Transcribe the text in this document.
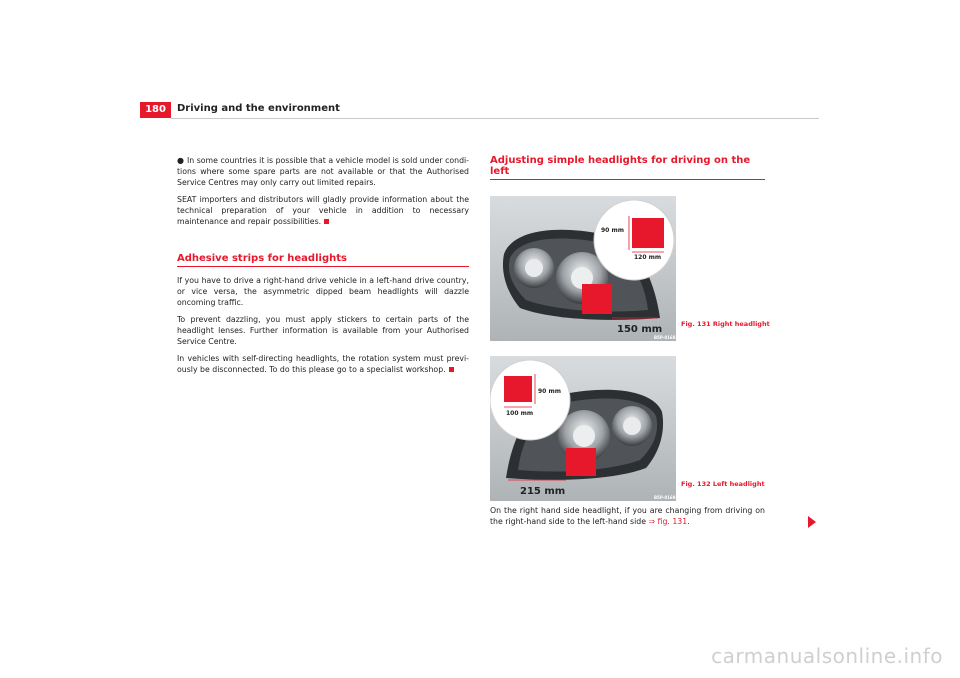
180	Driving and the environment

● In some countries it is possible that a vehicle model is sold under condi-tions where some spare parts are not available or that the Authorised Service Centres may only carry out limited repairs.

SEAT importers and distributors will gladly provide information about the technical preparation of your vehicle in addition to necessary maintenance and repair possibilities.

Adhesive strips for headlights

If you have to drive a right-hand drive vehicle in a left-hand drive country, or vice versa, the asymmetric dipped beam headlights will dazzle oncoming traffic.

To prevent dazzling, you must apply stickers to certain parts of the headlight lenses. Further information is available from your Authorised Service Centre.

In vehicles with self-directing headlights, the rotation system must previ-ously be disconnected. To do this please go to a specialist workshop.

Adjusting simple headlights for driving on the left
90 mm
120 mm
150 mm
B5P-0168
Fig. 131 Right headlight
90 mm
100 mm
215 mm
B5P-0169
Fig. 132 Left headlight

On the right hand side headlight, if you are changing from driving on the right-hand side to the left-hand side ⇒ fig. 131.

carmanualsonline.info
